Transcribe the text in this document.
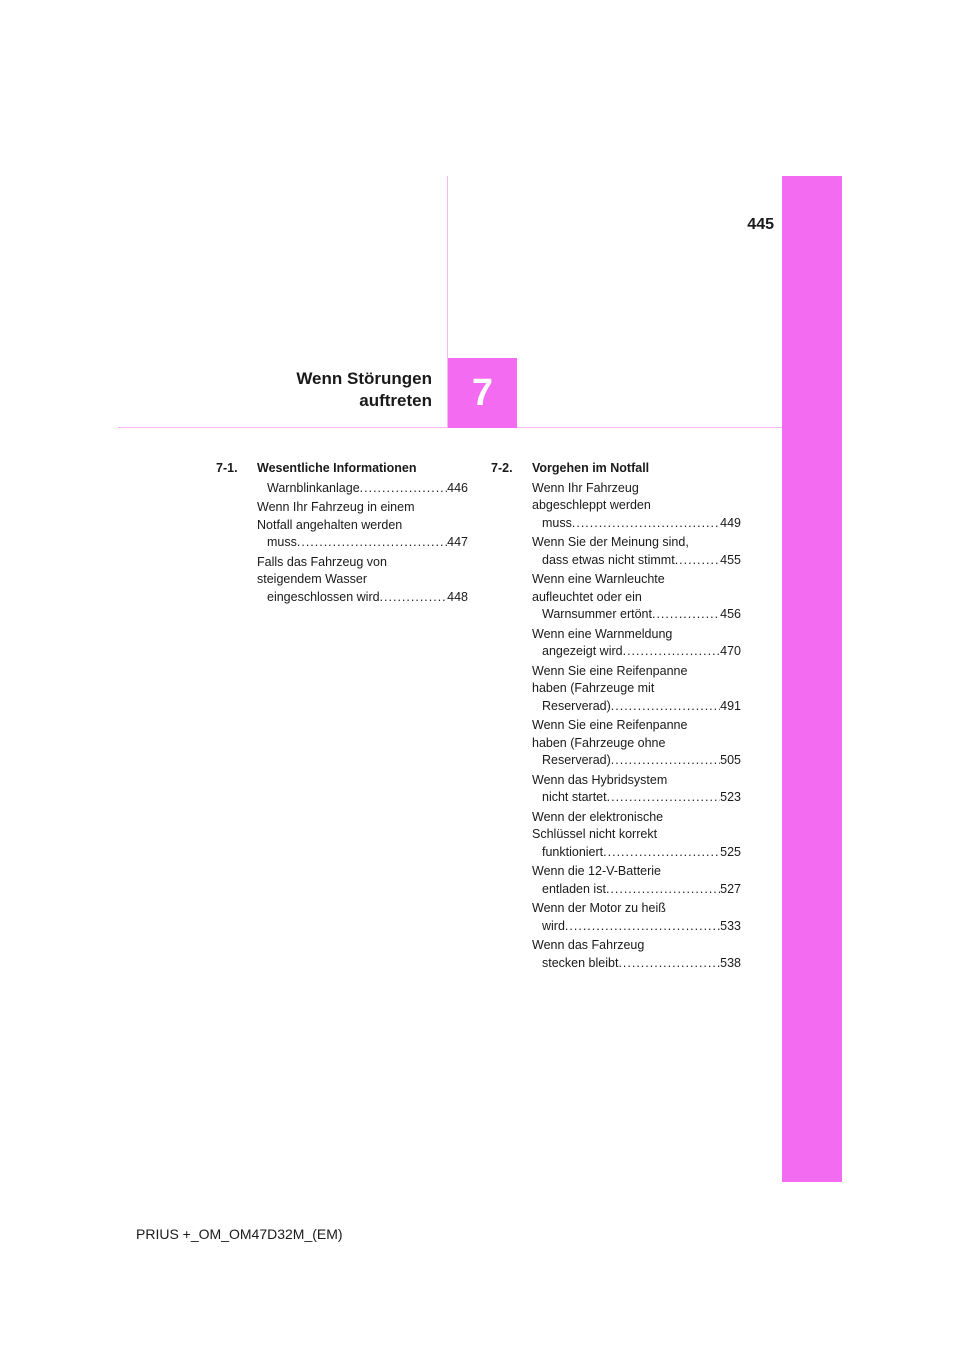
445
Wenn Störungen
auftreten	7
7-1.	Wesentliche Informationen
Warnblinkanlage .....	446
Wenn Ihr Fahrzeug in einem
Notfall angehalten werden
muss .....	447
Falls das Fahrzeug von
steigendem Wasser
eingeschlossen wird .....	448
7-2.	Vorgehen im Notfall
Wenn Ihr Fahrzeug
abgeschleppt werden
muss .....	449
Wenn Sie der Meinung sind,
dass etwas nicht stimmt .....	455
Wenn eine Warnleuchte
aufleuchtet oder ein
Warnsummer ertönt .....	456
Wenn eine Warnmeldung
angezeigt wird .....	470
Wenn Sie eine Reifenpanne
haben (Fahrzeuge mit
Reserverad) .....	491
Wenn Sie eine Reifenpanne
haben (Fahrzeuge ohne
Reserverad) .....	505
Wenn das Hybridsystem
nicht startet .....	523
Wenn der elektronische
Schlüssel nicht korrekt
funktioniert .....	525
Wenn die 12-V-Batterie
entladen ist .....	527
Wenn der Motor zu heiß
wird .....	533
Wenn das Fahrzeug
stecken bleibt .....	538
PRIUS +_OM_OM47D32M_(EM)
